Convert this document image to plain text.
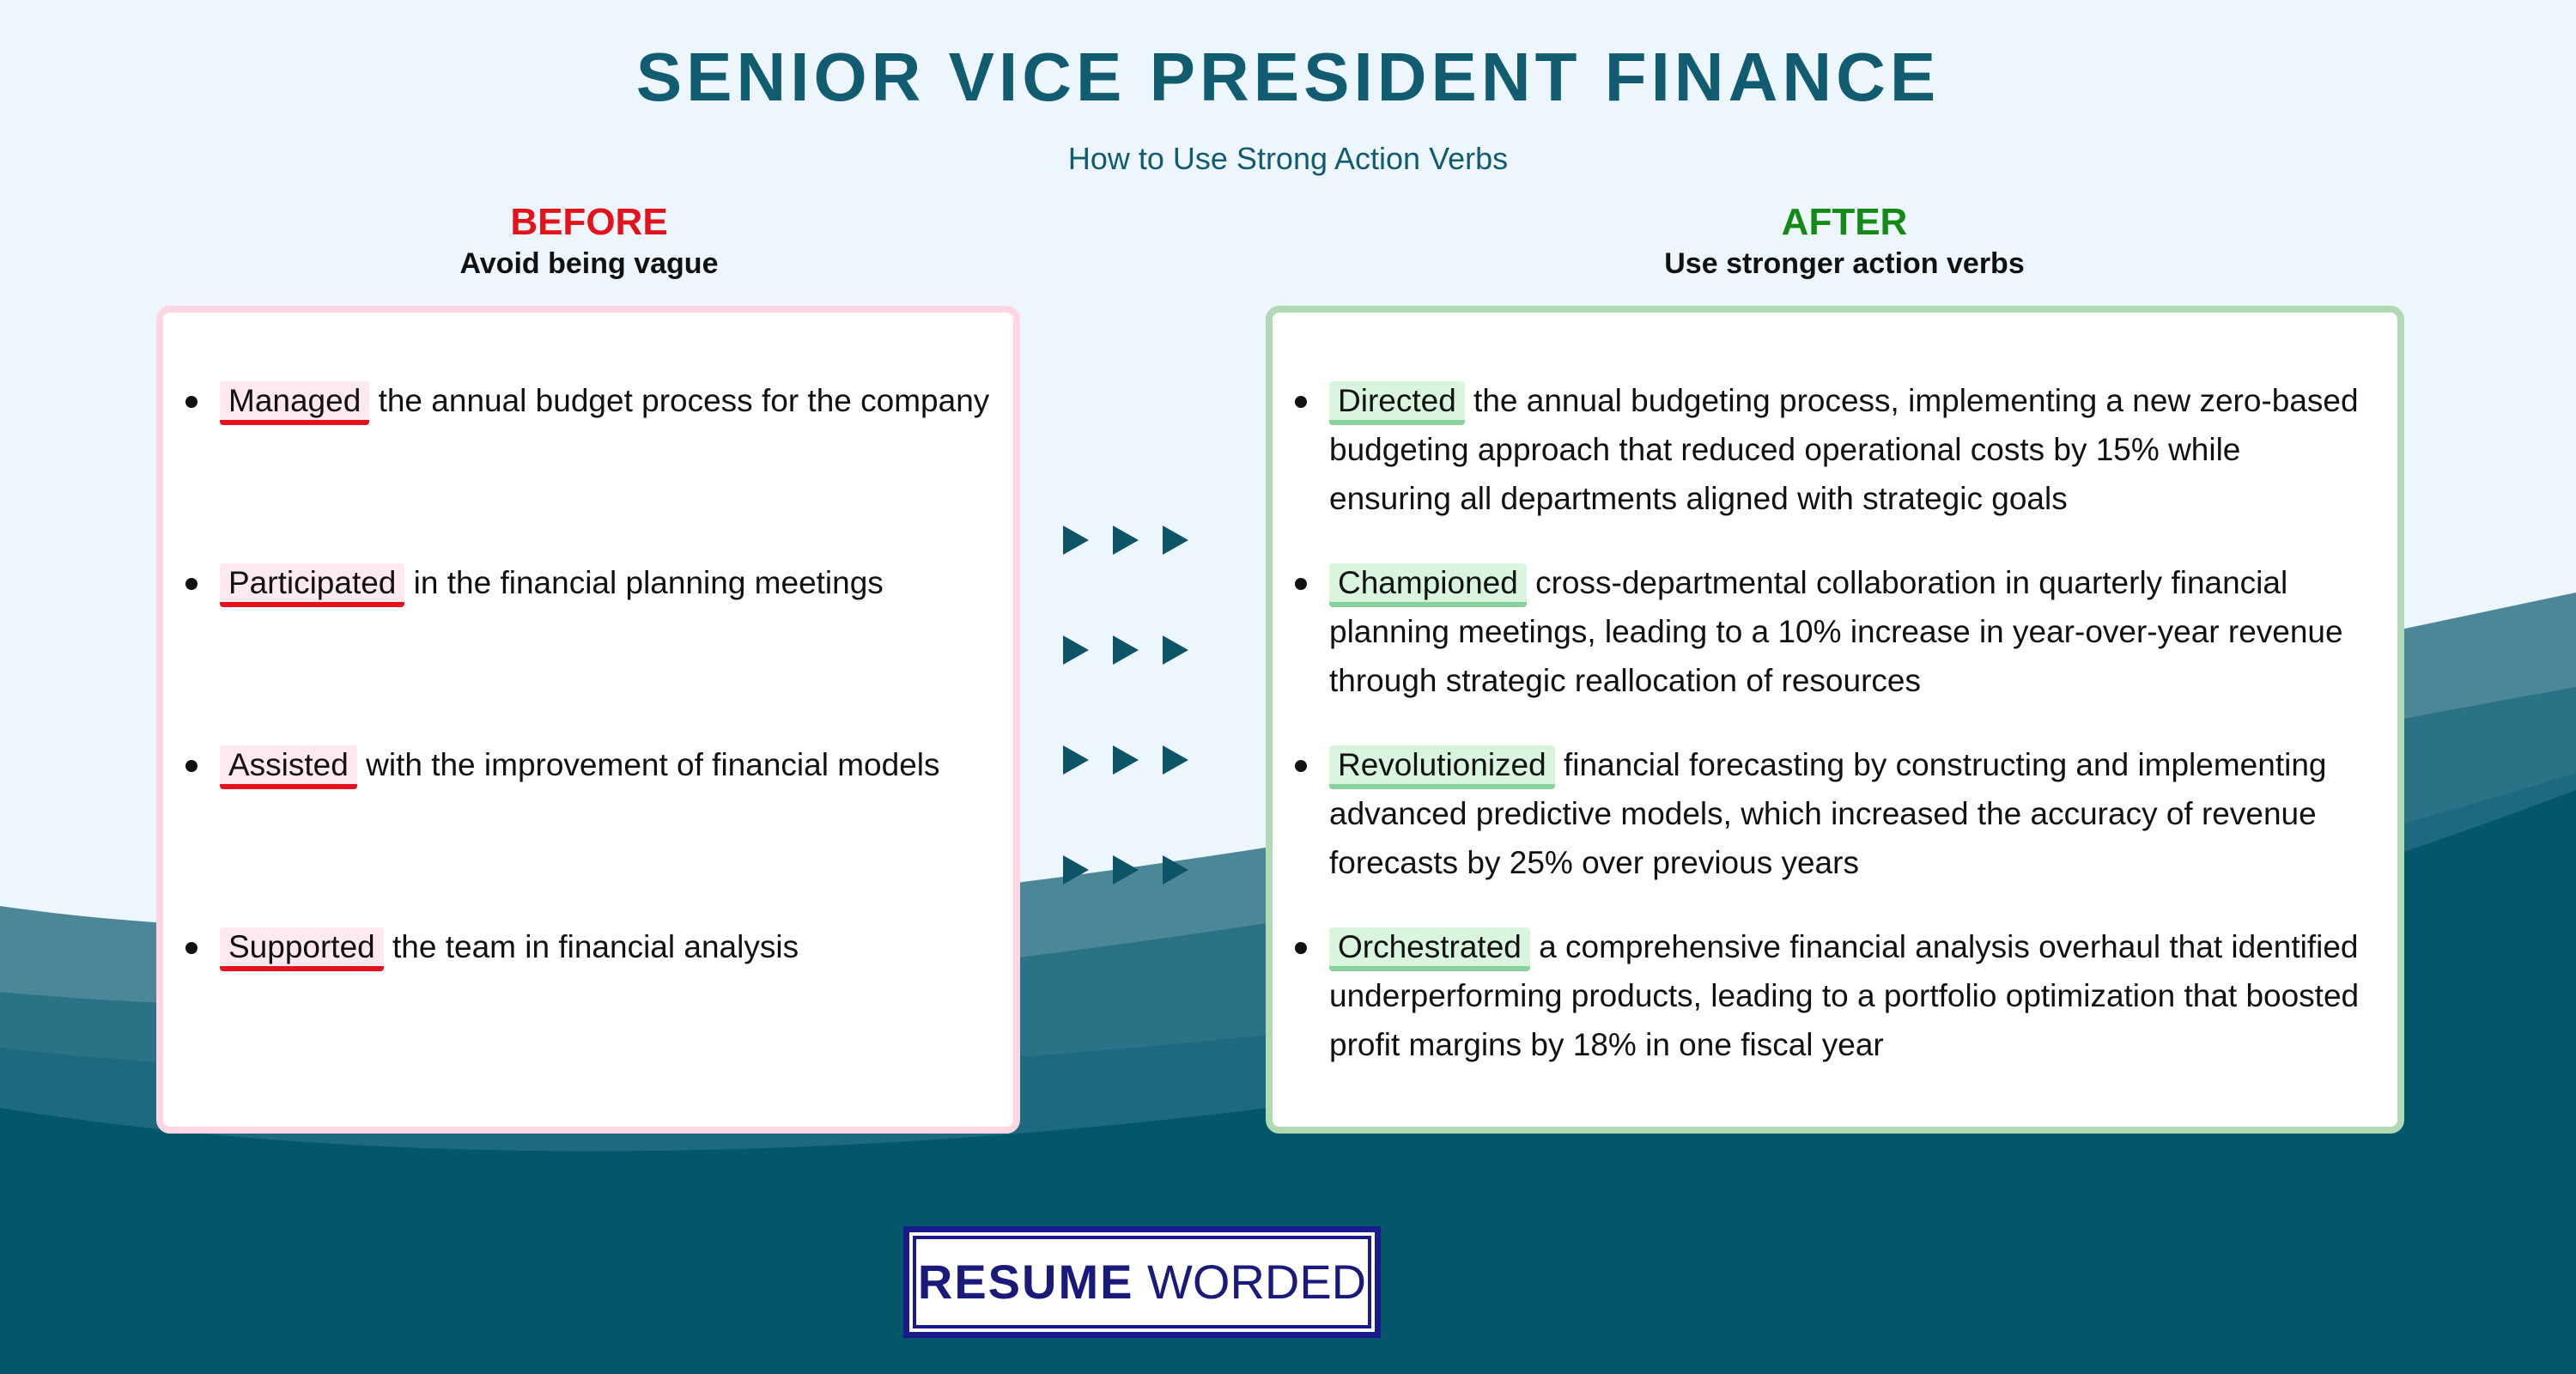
SENIOR VICE PRESIDENT FINANCE
How to Use Strong Action Verbs
BEFORE
Avoid being vague
AFTER
Use stronger action verbs
Managed the annual budget process for the company
Participated in the financial planning meetings
Assisted with the improvement of financial models
Supported the team in financial analysis
Directed the annual budgeting process, implementing a new zero-based budgeting approach that reduced operational costs by 15% while ensuring all departments aligned with strategic goals
Championed cross-departmental collaboration in quarterly financial planning meetings, leading to a 10% increase in year-over-year revenue through strategic reallocation of resources
Revolutionized financial forecasting by constructing and implementing advanced predictive models, which increased the accuracy of revenue forecasts by 25% over previous years
Orchestrated a comprehensive financial analysis overhaul that identified underperforming products, leading to a portfolio optimization that boosted profit margins by 18% in one fiscal year
RESUME WORDED
